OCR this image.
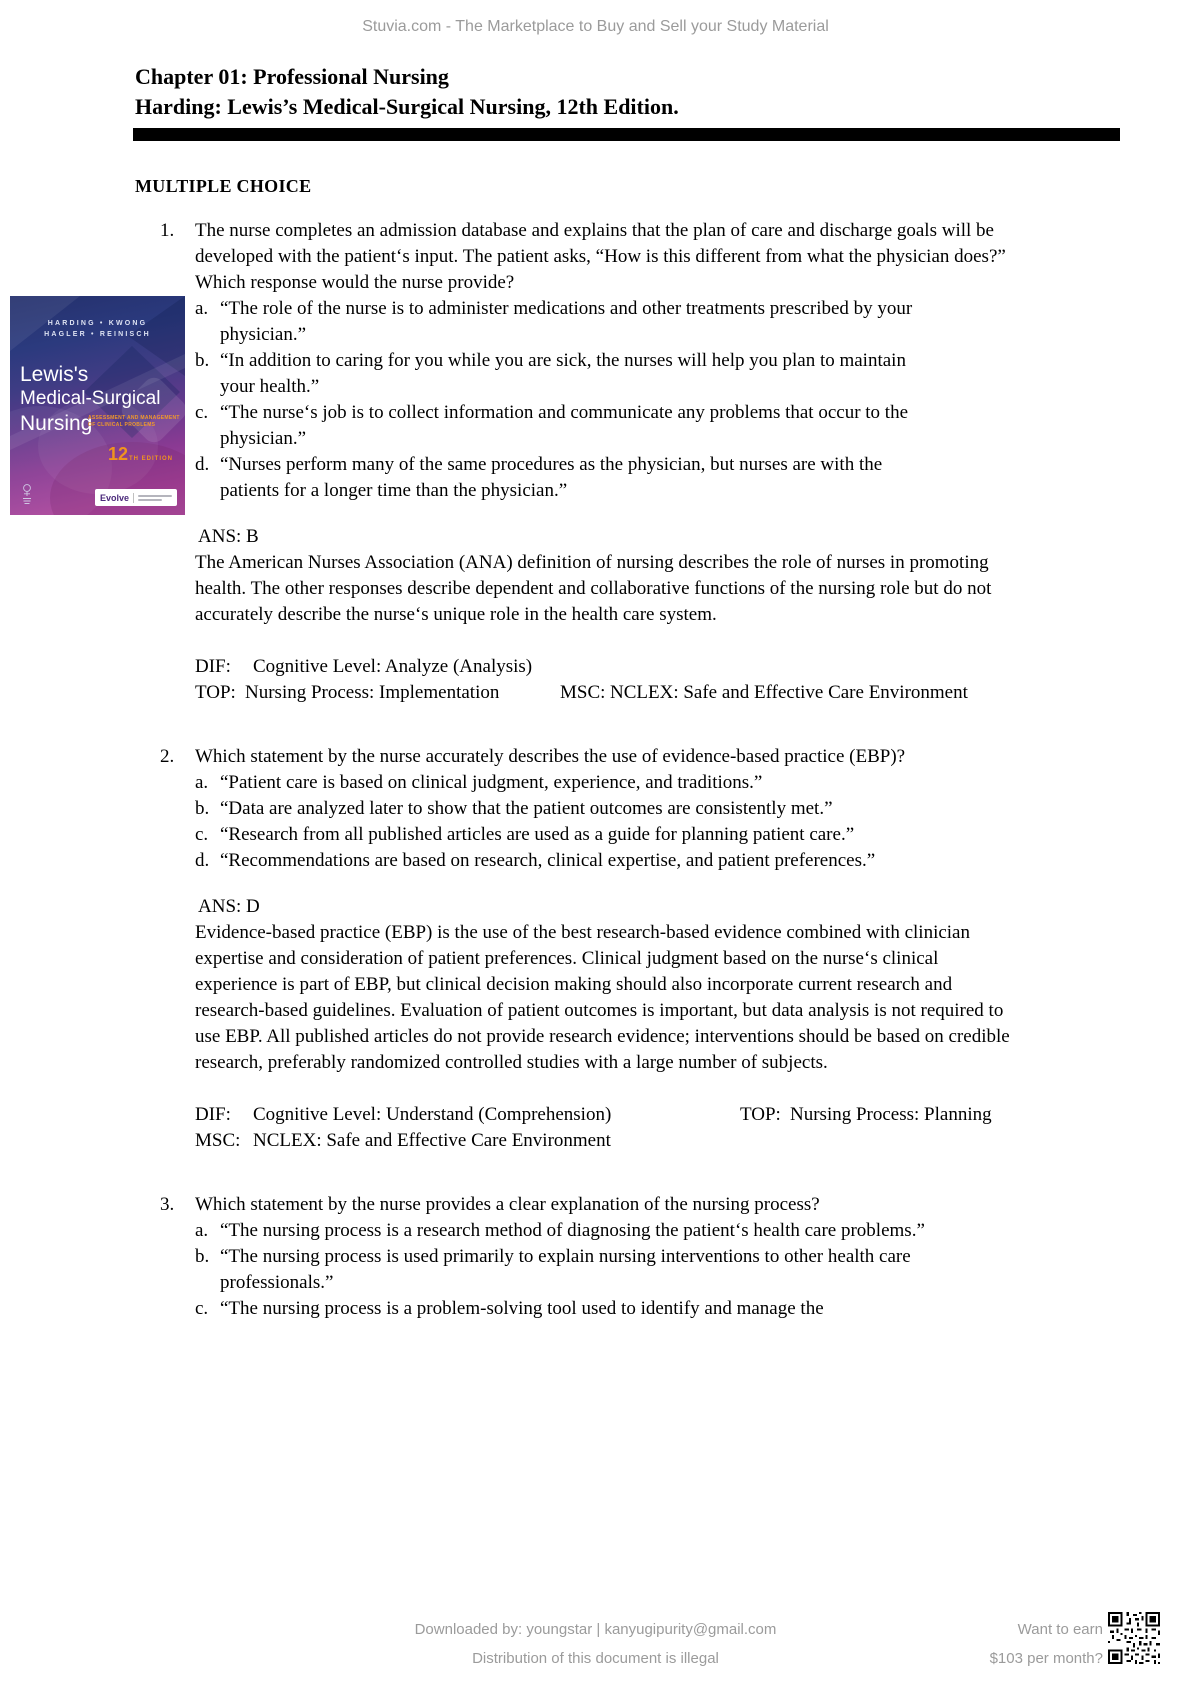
Stuvia.com - The Marketplace to Buy and Sell your Study Material
Chapter 01: Professional Nursing
Harding: Lewis’s Medical-Surgical Nursing, 12th Edition.
MULTIPLE CHOICE
HARDING • KWONG
HAGLER • REINISCH
Lewis's
Medical-Surgical
Nursing
ASSESSMENT AND MANAGEMENT
OF CLINICAL PROBLEMS
12TH EDITION
Evolve
1.	The nurse completes an admission database and explains that the plan of care and discharge goals will be developed with the patient‘s input. The patient asks, “How is this different from what the physician does?” Which response would the nurse provide?
a. “The role of the nurse is to administer medications and other treatments prescribed by your physician.”
b. “In addition to caring for you while you are sick, the nurses will help you plan to maintain your health.”
c. “The nurse‘s job is to collect information and communicate any problems that occur to the physician.”
d. “Nurses perform many of the same procedures as the physician, but nurses are with the patients for a longer time than the physician.”
ANS: B
The American Nurses Association (ANA) definition of nursing describes the role of nurses in promoting health. The other responses describe dependent and collaborative functions of the nursing role but do not accurately describe the nurse‘s unique role in the health care system.
DIF:	Cognitive Level: Analyze (Analysis)
TOP: Nursing Process: Implementation	MSC: NCLEX: Safe and Effective Care Environment
2.	Which statement by the nurse accurately describes the use of evidence-based practice (EBP)?
a. “Patient care is based on clinical judgment, experience, and traditions.”
b. “Data are analyzed later to show that the patient outcomes are consistently met.”
c. “Research from all published articles are used as a guide for planning patient care.”
d. “Recommendations are based on research, clinical expertise, and patient preferences.”
ANS: D
Evidence-based practice (EBP) is the use of the best research-based evidence combined with clinician expertise and consideration of patient preferences. Clinical judgment based on the nurse‘s clinical experience is part of EBP, but clinical decision making should also incorporate current research and research-based guidelines. Evaluation of patient outcomes is important, but data analysis is not required to use EBP. All published articles do not provide research evidence; interventions should be based on credible research, preferably randomized controlled studies with a large number of subjects.
DIF:	Cognitive Level: Understand (Comprehension)	TOP: Nursing Process: Planning
MSC: NCLEX: Safe and Effective Care Environment
3.	Which statement by the nurse provides a clear explanation of the nursing process?
a. “The nursing process is a research method of diagnosing the patient‘s health care problems.”
b. “The nursing process is used primarily to explain nursing interventions to other health care professionals.”
c. “The nursing process is a problem-solving tool used to identify and manage the
Downloaded by: youngstar | kanyugipurity@gmail.com
Distribution of this document is illegal
Want to earn
$103 per month?
